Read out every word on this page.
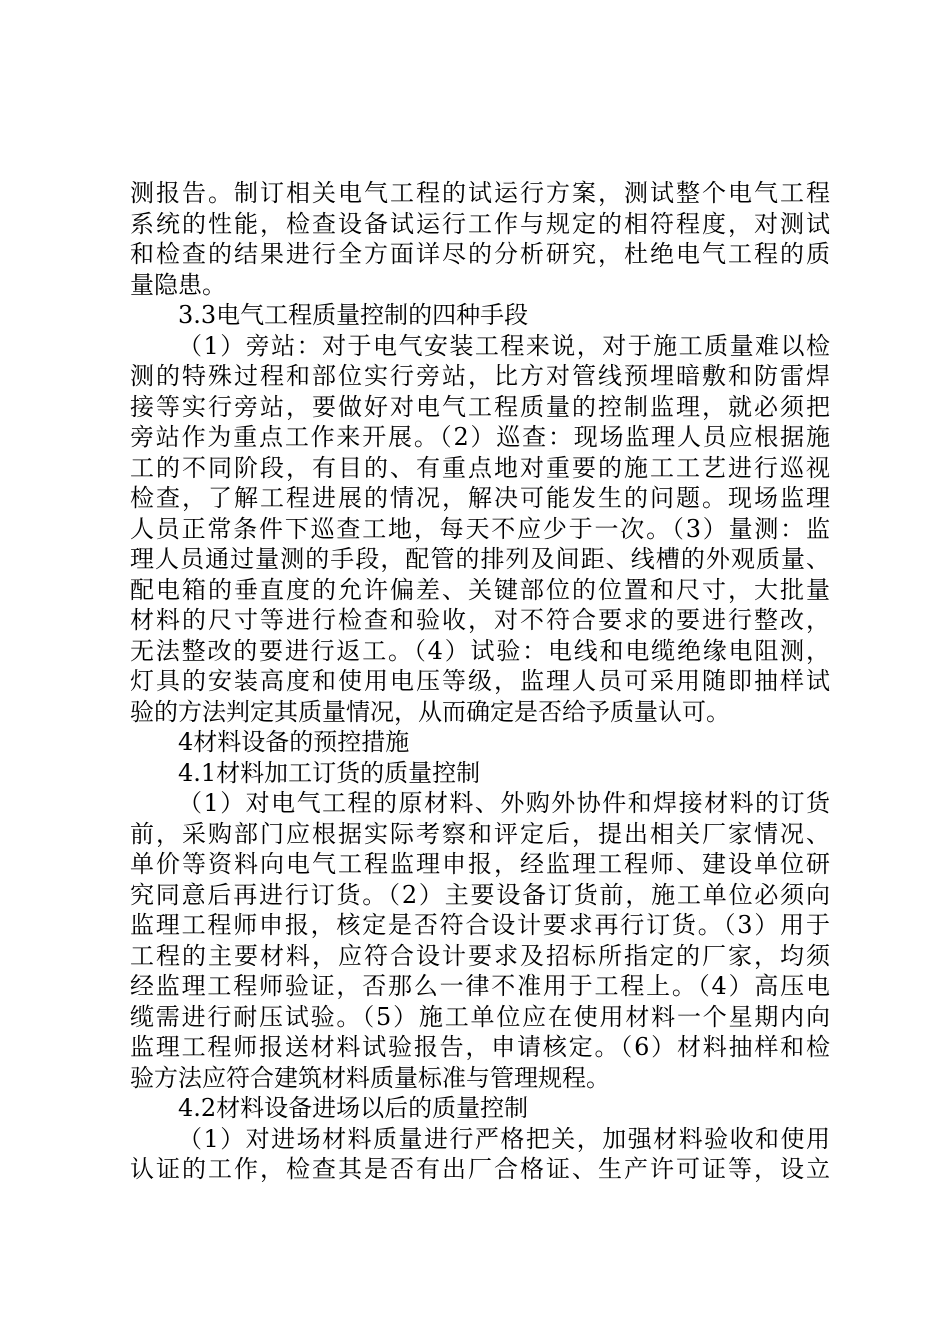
测报告。制订相关电气工程的试运行方案，测试整个电气工程
系统的性能，检查设备试运行工作与规定的相符程度，对测试
和检查的结果进行全方面详尽的分析研究，杜绝电气工程的质
量隐患。
3.3电气工程质量控制的四种手段
（1）旁站：对于电气安装工程来说，对于施工质量难以检
测的特殊过程和部位实行旁站，比方对管线预埋暗敷和防雷焊
接等实行旁站，要做好对电气工程质量的控制监理，就必须把
旁站作为重点工作来开展。（2）巡查：现场监理人员应根据施
工的不同阶段，有目的、有重点地对重要的施工工艺进行巡视
检查，了解工程进展的情况，解决可能发生的问题。现场监理
人员正常条件下巡查工地，每天不应少于一次。（3）量测：监
理人员通过量测的手段，配管的排列及间距、线槽的外观质量、
配电箱的垂直度的允许偏差、关键部位的位置和尺寸，大批量
材料的尺寸等进行检查和验收，对不符合要求的要进行整改，
无法整改的要进行返工。（4）试验：电线和电缆绝缘电阻测，
灯具的安装高度和使用电压等级，监理人员可采用随即抽样试
验的方法判定其质量情况，从而确定是否给予质量认可。
4材料设备的预控措施
4.1材料加工订货的质量控制
（1）对电气工程的原材料、外购外协件和焊接材料的订货
前，采购部门应根据实际考察和评定后，提出相关厂家情况、
单价等资料向电气工程监理申报，经监理工程师、建设单位研
究同意后再进行订货。（2）主要设备订货前，施工单位必须向
监理工程师申报，核定是否符合设计要求再行订货。（3）用于
工程的主要材料，应符合设计要求及招标所指定的厂家，均须
经监理工程师验证，否那么一律不准用于工程上。（4）高压电
缆需进行耐压试验。（5）施工单位应在使用材料一个星期内向
监理工程师报送材料试验报告，申请核定。（6）材料抽样和检
验方法应符合建筑材料质量标准与管理规程。
4.2材料设备进场以后的质量控制
（1）对进场材料质量进行严格把关，加强材料验收和使用
认证的工作，检查其是否有出厂合格证、生产许可证等，设立
